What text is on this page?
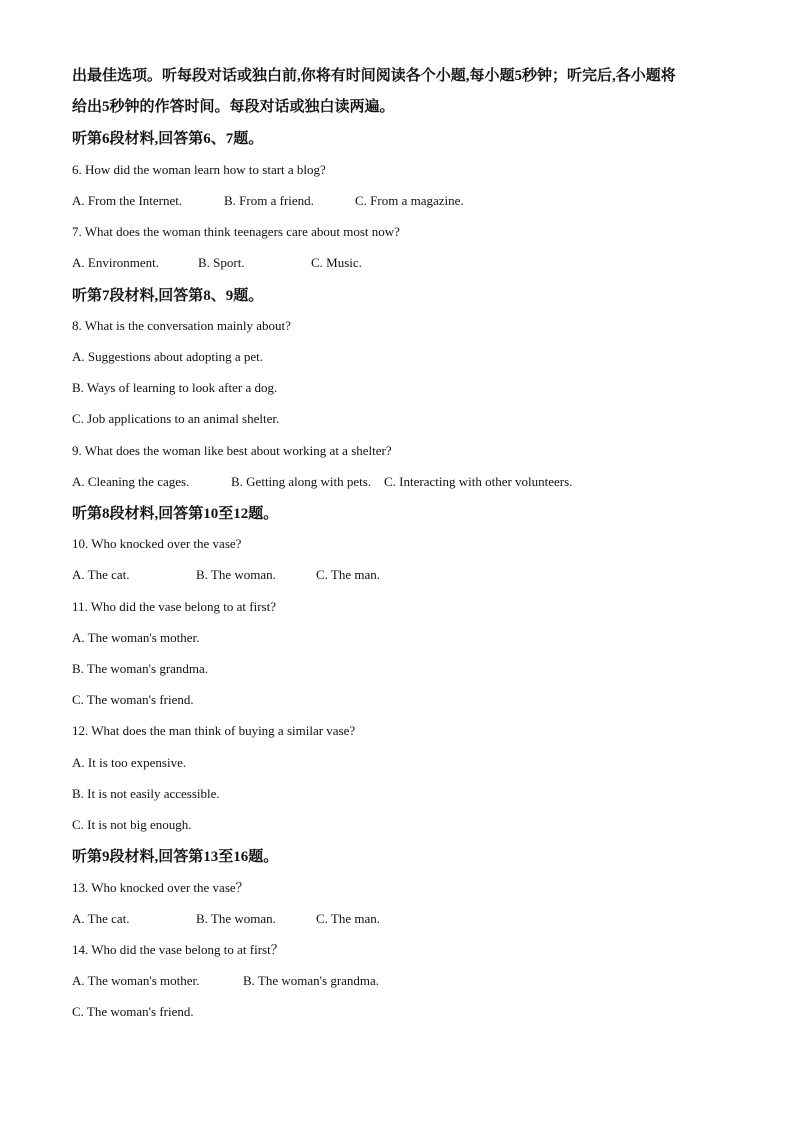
出最佳选项。听每段对话或独白前,你将有时间阅读各个小题,每小题5秒钟；听完后,各小题将
给出5秒钟的作答时间。每段对话或独白读两遍。
听第6段材料,回答第6、7题。
6. How did the woman learn how to start a blog?
A. From the Internet.	B. From a friend.	C. From a magazine.
7. What does the woman think teenagers care about most now?
A. Environment.	B. Sport.	C. Music.
听第7段材料,回答第8、9题。
8. What is the conversation mainly about?
A. Suggestions about adopting a pet.
B. Ways of learning to look after a dog.
C. Job applications to an animal shelter.
9. What does the woman like best about working at a shelter?
A. Cleaning the cages.	B. Getting along with pets. C. Interacting with other volunteers.
听第8段材料,回答第10至12题。
10. Who knocked over the vase?
A. The cat.	B. The woman.	C. The man.
11. Who did the vase belong to at first?
A. The woman's mother.
B. The woman's grandma.
C. The woman's friend.
12. What does the man think of buying a similar vase?
A. It is too expensive.
B. It is not easily accessible.
C. It is not big enough.
听第9段材料,回答第13至16题。
13. Who knocked over the vase？
A. The cat.	B. The woman.	C. The man.
14. Who did the vase belong to at first？
A. The woman's mother.	B. The woman's grandma.
C. The woman's friend.
